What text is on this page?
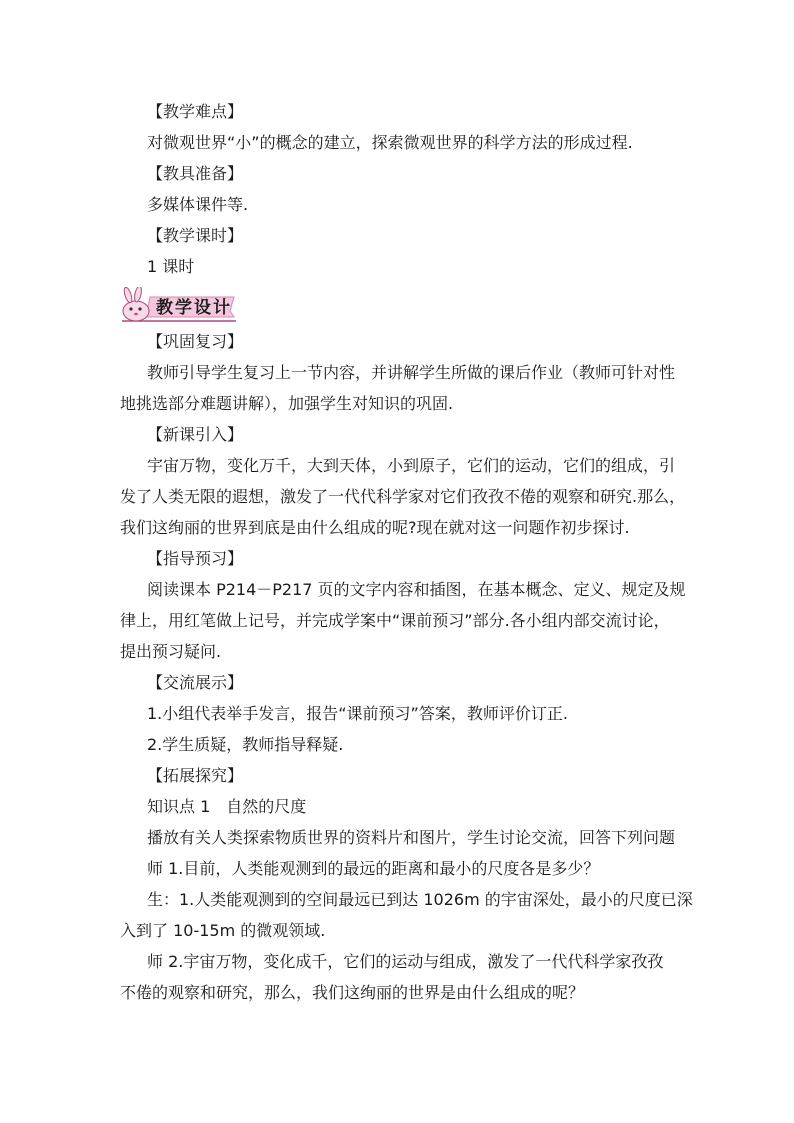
【教学难点】
对微观世界“小”的概念的建立，探索微观世界的科学方法的形成过程.
【教具准备】
多媒体课件等.
【教学课时】
1 课时
教学设计
【巩固复习】
教师引导学生复习上一节内容，并讲解学生所做的课后作业（教师可针对性
地挑选部分难题讲解），加强学生对知识的巩固.
【新课引入】
宇宙万物，变化万千，大到天体，小到原子，它们的运动，它们的组成，引
发了人类无限的遐想，激发了一代代科学家对它们孜孜不倦的观察和研究.那么，
我们这绚丽的世界到底是由什么组成的呢?现在就对这一问题作初步探讨.
【指导预习】
阅读课本 P214－P217 页的文字内容和插图，在基本概念、定义、规定及规
律上，用红笔做上记号，并完成学案中“课前预习”部分.各小组内部交流讨论，
提出预习疑问.
【交流展示】
1.小组代表举手发言，报告“课前预习”答案，教师评价订正.
2.学生质疑，教师指导释疑.
【拓展探究】
知识点 1　自然的尺度
播放有关人类探索物质世界的资料片和图片，学生讨论交流，回答下列问题
师 1.目前，人类能观测到的最远的距离和最小的尺度各是多少？
生：1.人类能观测到的空间最远已到达 1026m 的宇宙深处，最小的尺度已深
入到了 10-15m 的微观领域.
师 2.宇宙万物，变化成千，它们的运动与组成，激发了一代代科学家孜孜
不倦的观察和研究，那么，我们这绚丽的世界是由什么组成的呢？
